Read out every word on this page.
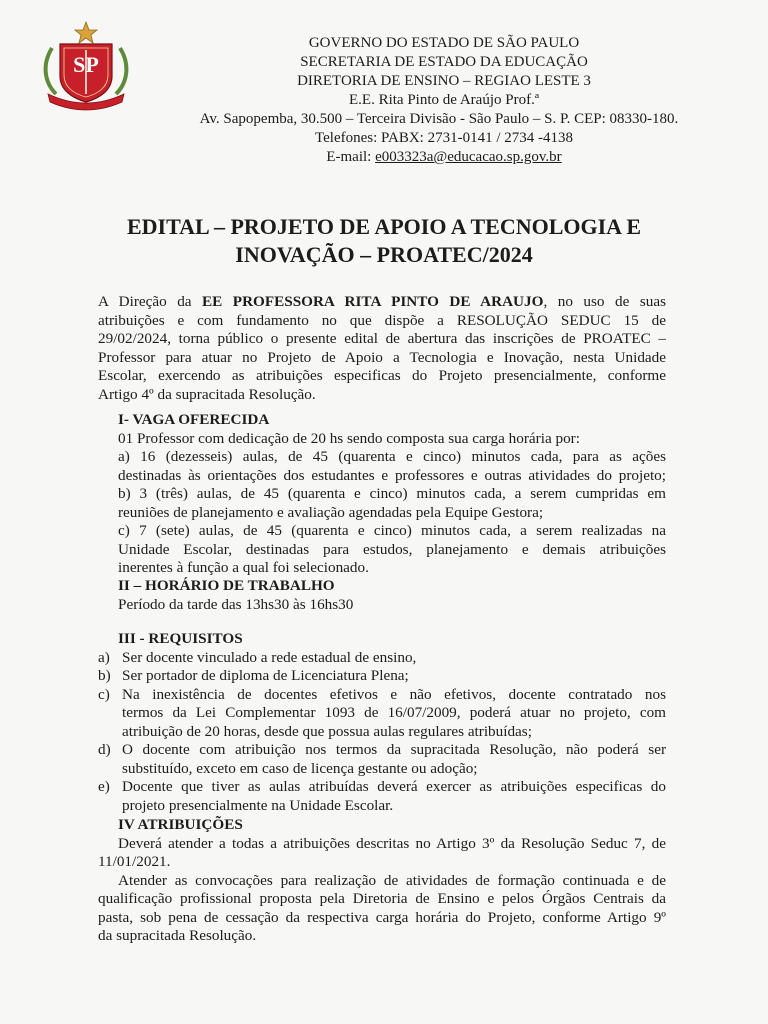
SP
GOVERNO DO ESTADO DE SÃO PAULO
SECRETARIA DE ESTADO DA EDUCAÇÃO
DIRETORIA DE ENSINO – REGIAO LESTE 3
E.E. Rita Pinto de Araújo Prof.ª
Av. Sapopemba, 30.500 – Terceira Divisão - São Paulo – S. P. CEP: 08330-180.
Telefones: PABX: 2731-0141 / 2734 -4138
E-mail: e003323a@educacao.sp.gov.br
EDITAL – PROJETO DE APOIO A TECNOLOGIA E
INOVAÇÃO – PROATEC/2024
A Direção da EE PROFESSORA RITA PINTO DE ARAUJO, no uso de suas
atribuições e com fundamento no que dispõe a RESOLUÇÃO SEDUC 15 de
29/02/2024, torna público o presente edital de abertura das inscrições de PROATEC –
Professor para atuar no Projeto de Apoio a Tecnologia e Inovação, nesta Unidade
Escolar, exercendo as atribuições especificas do Projeto presencialmente, conforme
Artigo 4º da supracitada Resolução.
I- VAGA OFERECIDA
01 Professor com dedicação de 20 hs sendo composta sua carga horária por:
a) 16 (dezesseis) aulas, de 45 (quarenta e cinco) minutos cada, para as ações
destinadas às orientações dos estudantes e professores e outras atividades do projeto;
b) 3 (três) aulas, de 45 (quarenta e cinco) minutos cada, a serem cumpridas em
reuniões de planejamento e avaliação agendadas pela Equipe Gestora;
c) 7 (sete) aulas, de 45 (quarenta e cinco) minutos cada, a serem realizadas na
Unidade Escolar, destinadas para estudos, planejamento e demais atribuições
inerentes à função a qual foi selecionado.
II – HORÁRIO DE TRABALHO
Período da tarde das 13hs30 às 16hs30
III - REQUISITOS
a) Ser docente vinculado a rede estadual de ensino,
b) Ser portador de diploma de Licenciatura Plena;
c) Na inexistência de docentes efetivos e não efetivos, docente contratado nos
termos da Lei Complementar 1093 de 16/07/2009, poderá atuar no projeto, com
atribuição de 20 horas, desde que possua aulas regulares atribuídas;
d) O docente com atribuição nos termos da supracitada Resolução, não poderá ser
substituído, exceto em caso de licença gestante ou adoção;
e) Docente que tiver as aulas atribuídas deverá exercer as atribuições especificas do
projeto presencialmente na Unidade Escolar.
IV ATRIBUIÇÕES
Deverá atender a todas a atribuições descritas no Artigo 3º da Resolução Seduc 7, de
11/01/2021.
Atender as convocações para realização de atividades de formação continuada e de
qualificação profissional proposta pela Diretoria de Ensino e pelos Órgãos Centrais da
pasta, sob pena de cessação da respectiva carga horária do Projeto, conforme Artigo 9º
da supracitada Resolução.
